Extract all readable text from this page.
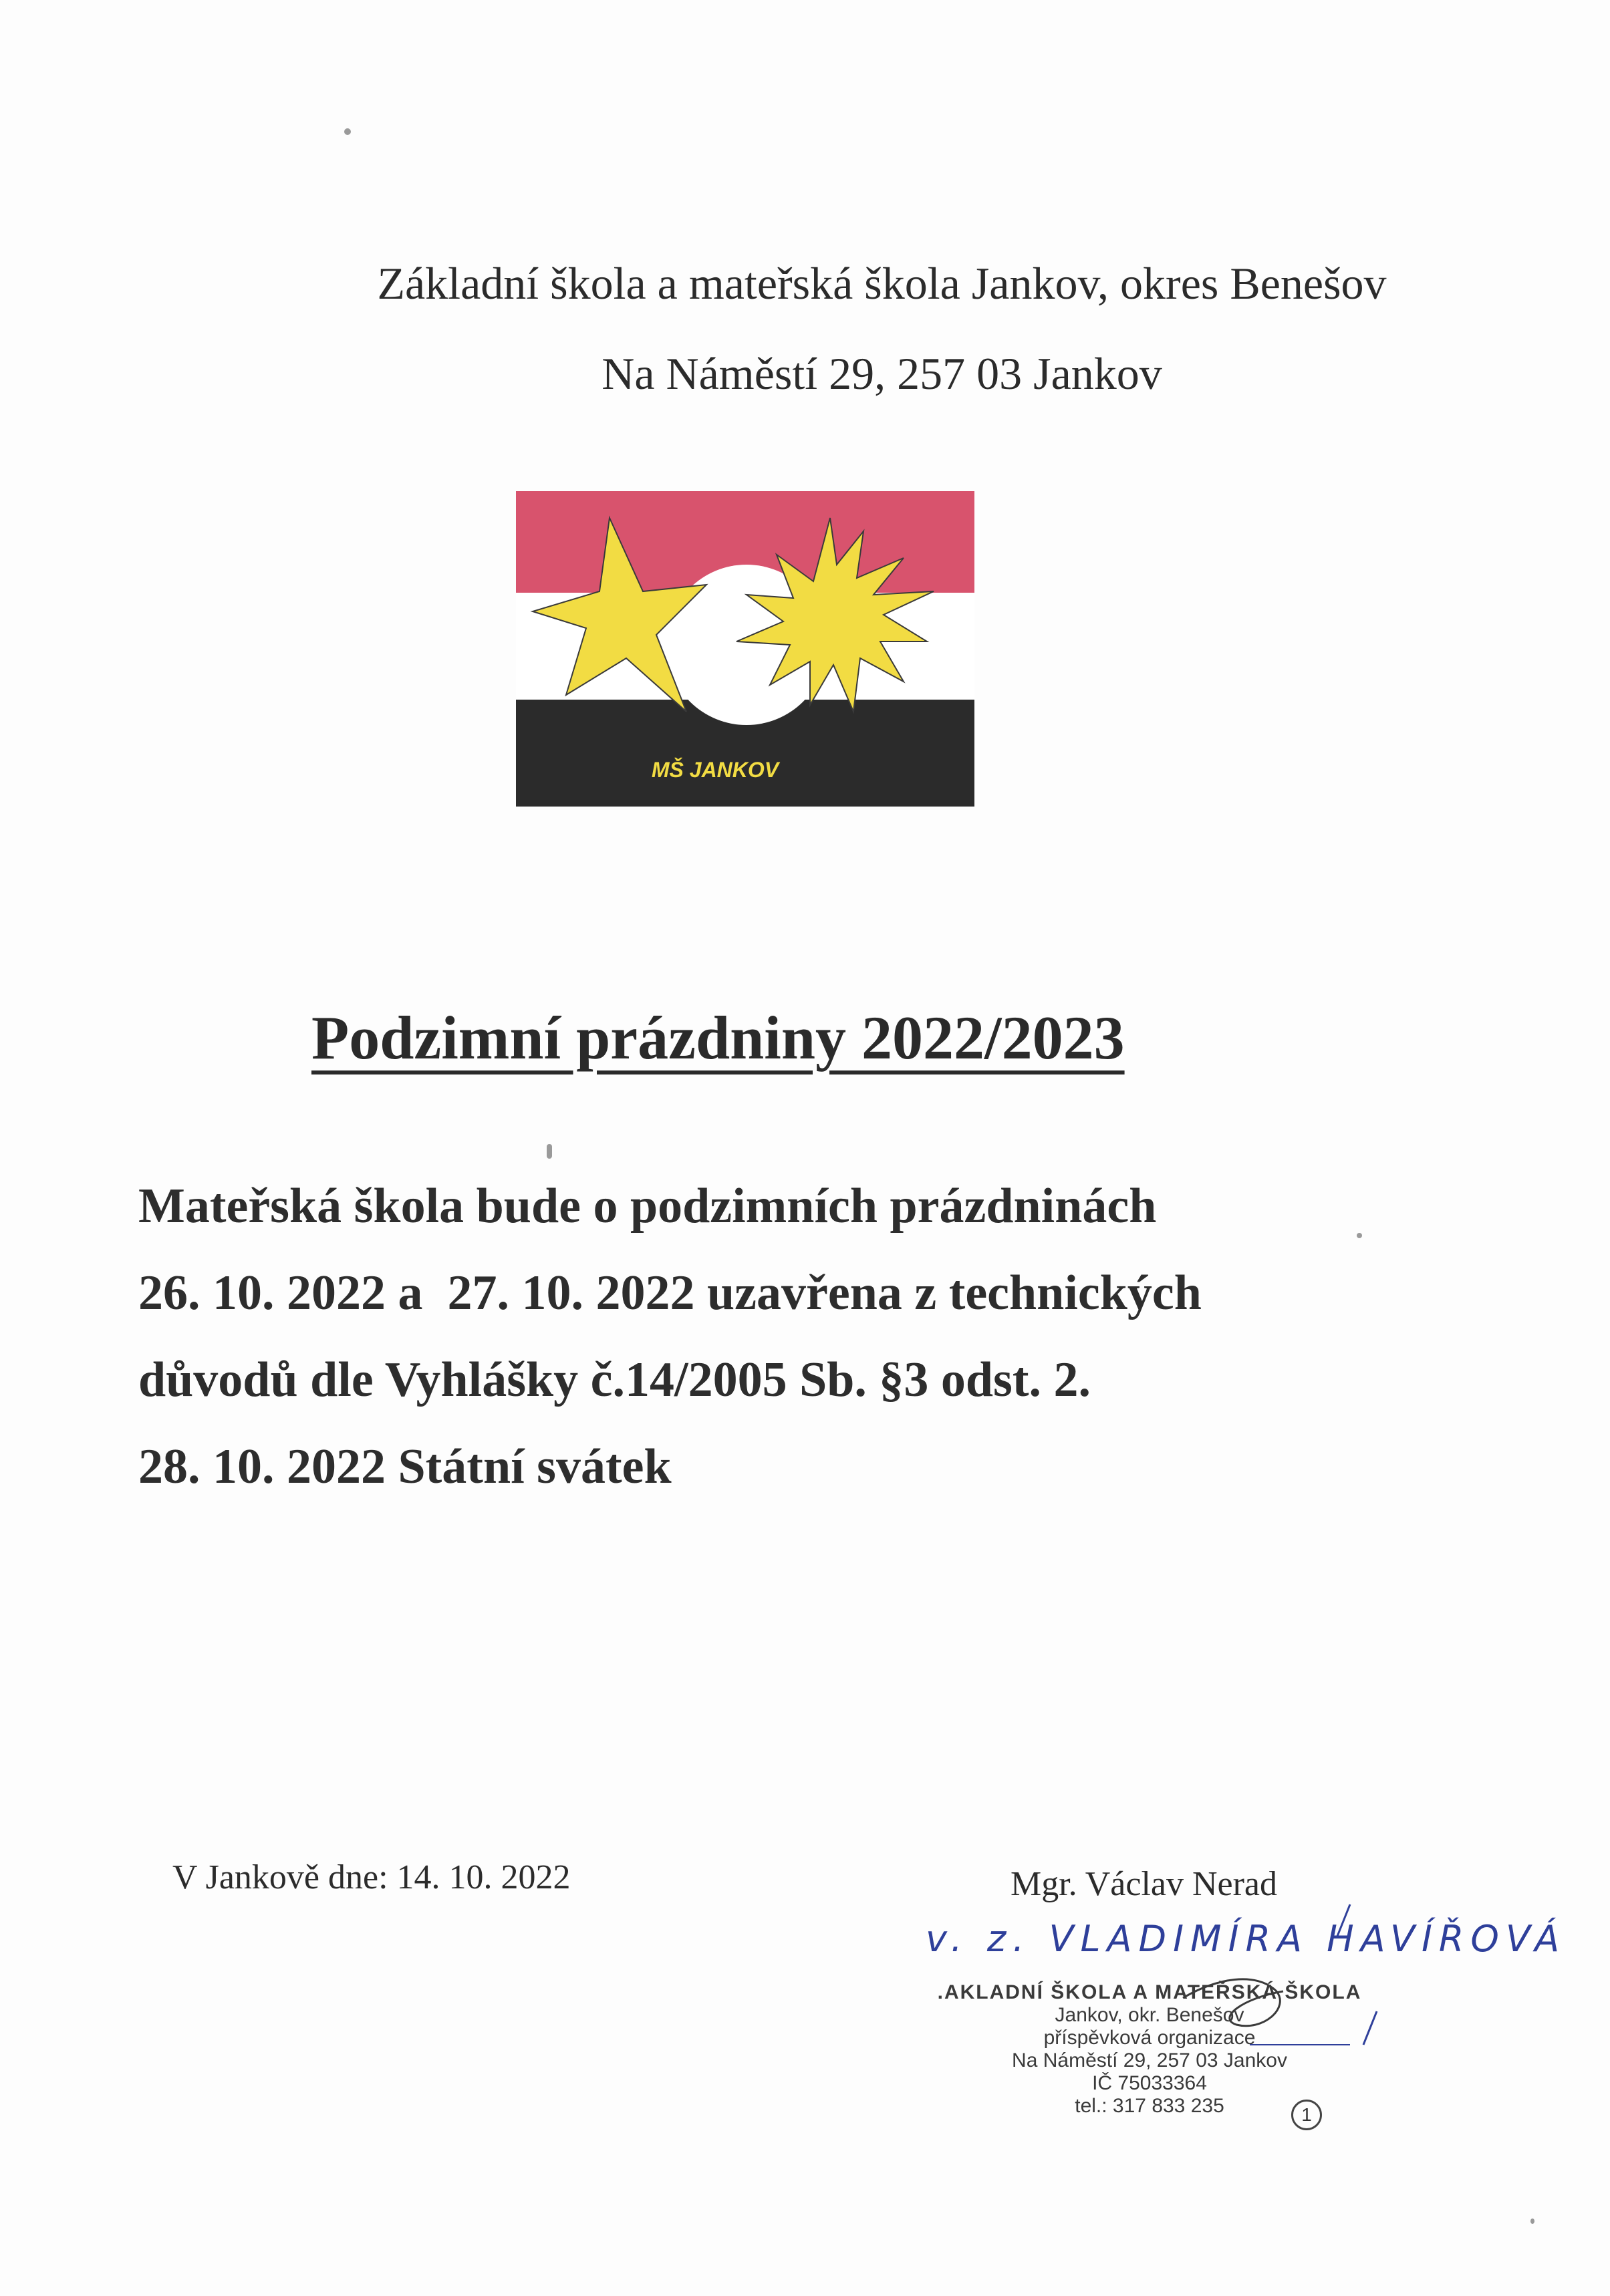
Základní škola a mateřská škola Jankov, okres Benešov
Na Náměstí 29, 257 03 Jankov
MŠ JANKOV
Podzimní prázdniny 2022/2023
Mateřská škola bude o podzimních prázdninách
26. 10. 2022 a  27. 10. 2022 uzavřena z technických
důvodů dle Vyhlášky č.14/2005 Sb. §3 odst. 2.
28. 10. 2022 Státní svátek
V Jankově dne: 14. 10. 2022	Mgr. Václav Nerad
v. z. VLADIMÍRA HAVÍŘOVÁ
.AKLADNÍ ŠKOLA A MATEŘSKÁ ŠKOLA
Jankov, okr. Benešov
příspěvková organizace
Na Náměstí 29, 257 03 Jankov
IČ 75033364
tel.: 317 833 235	1
